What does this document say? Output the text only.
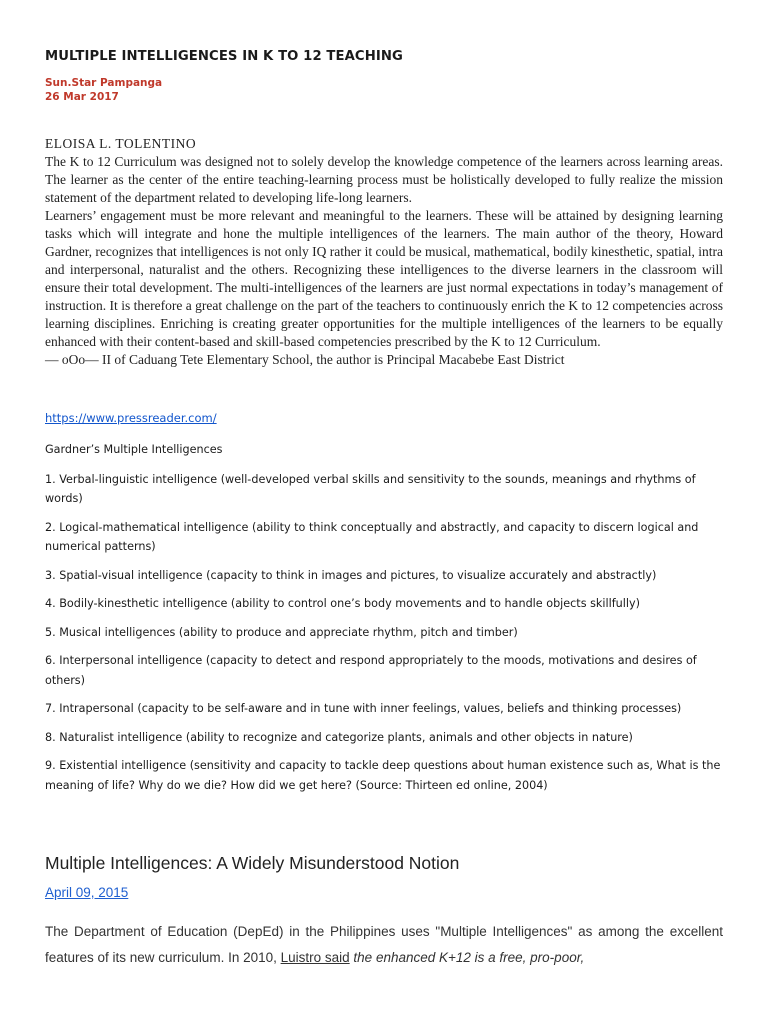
MULTIPLE INTELLIGENCES IN K TO 12 TEACHING
Sun.Star Pampanga
26 Mar 2017
ELOISA L. TOLENTINO

The K to 12 Curriculum was designed not to solely develop the knowledge competence of the learners across learning areas. The learner as the center of the entire teaching-learning process must be holistically developed to fully realize the mission statement of the department related to developing life-long learners.

Learners’ engagement must be more relevant and meaningful to the learners. These will be attained by designing learning tasks which will integrate and hone the multiple intelligences of the learners. The main author of the theory, Howard Gardner, recognizes that intelligences is not only IQ rather it could be musical, mathematical, bodily kinesthetic, spatial, intra and interpersonal, naturalist and the others. Recognizing these intelligences to the diverse learners in the classroom will ensure their total development. The multi-intelligences of the learners are just normal expectations in today’s management of instruction. It is therefore a great challenge on the part of the teachers to continuously enrich the K to 12 competencies across learning disciplines. Enriching is creating greater opportunities for the multiple intelligences of the learners to be equally enhanced with their content-based and skill-based competencies prescribed by the K to 12 Curriculum.

— oOo— II of Caduang Tete Elementary School, the author is Principal Macabebe East District

https://www.pressreader.com/

Gardner’s Multiple Intelligences

1. Verbal-linguistic intelligence (well-developed verbal skills and sensitivity to the sounds, meanings and rhythms of words)

2. Logical-mathematical intelligence (ability to think conceptually and abstractly, and capacity to discern logical and numerical patterns)

3. Spatial-visual intelligence (capacity to think in images and pictures, to visualize accurately and abstractly)

4. Bodily-kinesthetic intelligence (ability to control one’s body movements and to handle objects skillfully)

5. Musical intelligences (ability to produce and appreciate rhythm, pitch and timber)

6. Interpersonal intelligence (capacity to detect and respond appropriately to the moods, motivations and desires of others)

7. Intrapersonal (capacity to be self-aware and in tune with inner feelings, values, beliefs and thinking processes)

8. Naturalist intelligence (ability to recognize and categorize plants, animals and other objects in nature)

9. Existential intelligence (sensitivity and capacity to tackle deep questions about human existence such as, What is the meaning of life? Why do we die? How did we get here? (Source: Thirteen ed online, 2004)

Multiple Intelligences: A Widely Misunderstood Notion
April 09, 2015

The Department of Education (DepEd) in the Philippines uses "Multiple Intelligences" as among the excellent features of its new curriculum. In 2010, Luistro said the enhanced K+12 is a free, pro-poor,
